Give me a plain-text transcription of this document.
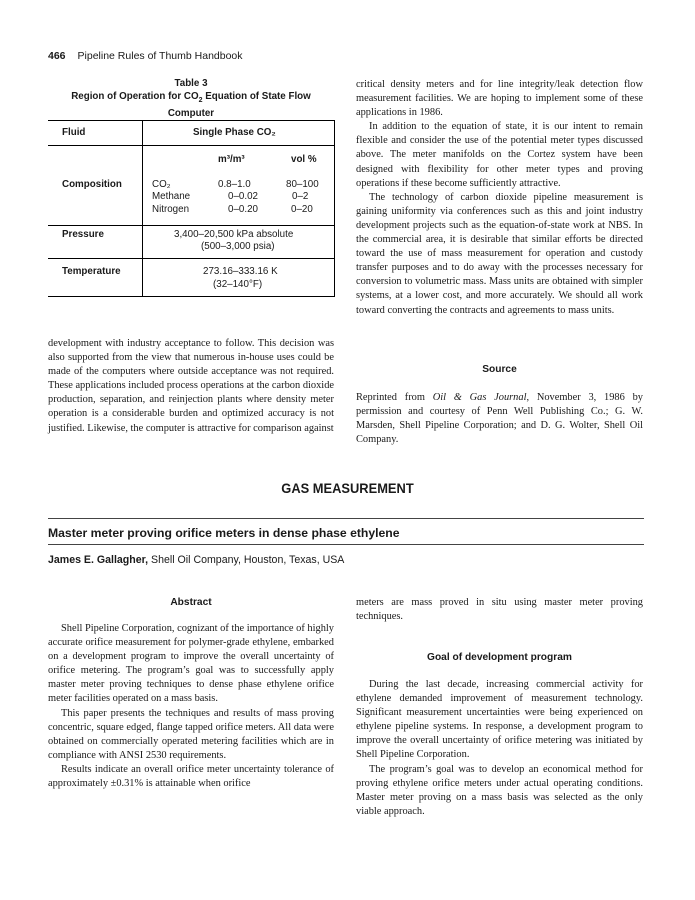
466 Pipeline Rules of Thumb Handbook
Table 3
Region of Operation for $CO_2$ Equation of State Flow
Computer
Fluid	Single Phase CO₂
m³/m³	vol %
Composition	CO₂	0.8–1.0	80–100
Methane	0–0.02	0–2
Nitrogen	0–0.20	0–20
Pressure	3,400–20,500 kPa absolute
(500–3,000 psia)
Temperature	273.16–333.16 K
(32–140°F)

development with industry acceptance to follow. This decision was also supported from the view that numerous in-house uses could be made of the computers where outside acceptance was not required. These applications included process operations at the carbon dioxide production, separation, and reinjection plants where density meter operation is a considerable burden and optimized accuracy is not justified. Likewise, the computer is attractive for comparison against

critical density meters and for line integrity/leak detection flow measurement facilities. We are hoping to implement some of these applications in 1986.

In addition to the equation of state, it is our intent to remain flexible and consider the use of the potential meter types discussed above. The meter manifolds on the Cortez system have been designed with flexibility for other meter types and proving operations if these become sufficiently attractive.

The technology of carbon dioxide pipeline measurement is gaining uniformity via conferences such as this and joint industry development projects such as the equation-of-state work at NBS. In the commercial area, it is desirable that similar efforts be directed toward the use of mass measurement for operation and custody transfer purposes and to do away with the processes necessary for conversion to volumetric mass. Mass units are obtained with simpler systems, at a lower cost, and more accurately. We should all work toward converting the contracts and agreements to mass units.

Source

Reprinted from Oil & Gas Journal, November 3, 1986 by permission and courtesy of Penn Well Publishing Co.; G. W. Marsden, Shell Pipeline Corporation; and D. G. Wolter, Shell Oil Company.

GAS MEASUREMENT
Master meter proving orifice meters in dense phase ethylene
James E. Gallagher, Shell Oil Company, Houston, Texas, USA
Abstract

Shell Pipeline Corporation, cognizant of the importance of highly accurate orifice measurement for polymer-grade ethylene, embarked on a development program to improve the overall uncertainty of orifice metering. The program’s goal was to successfully apply master meter proving techniques to dense phase ethylene orifice meter facilities operated on a mass basis.

This paper presents the techniques and results of mass proving concentric, square edged, flange tapped orifice meters. All data were obtained on commercially operated metering facilities which are in compliance with ANSI 2530 requirements.

Results indicate an overall orifice meter uncertainty tolerance of approximately ±0.31% is attainable when orifice

meters are mass proved in situ using master meter proving techniques.

Goal of development program

During the last decade, increasing commercial activity for ethylene demanded improvement of measurement technology. Significant measurement uncertainties were being experienced on ethylene pipeline systems. In response, a development program to improve the overall uncertainty of orifice metering was initiated by Shell Pipeline Corporation.

The program’s goal was to develop an economical method for proving ethylene orifice meters under actual operating conditions. Master meter proving on a mass basis was selected as the only viable approach.
